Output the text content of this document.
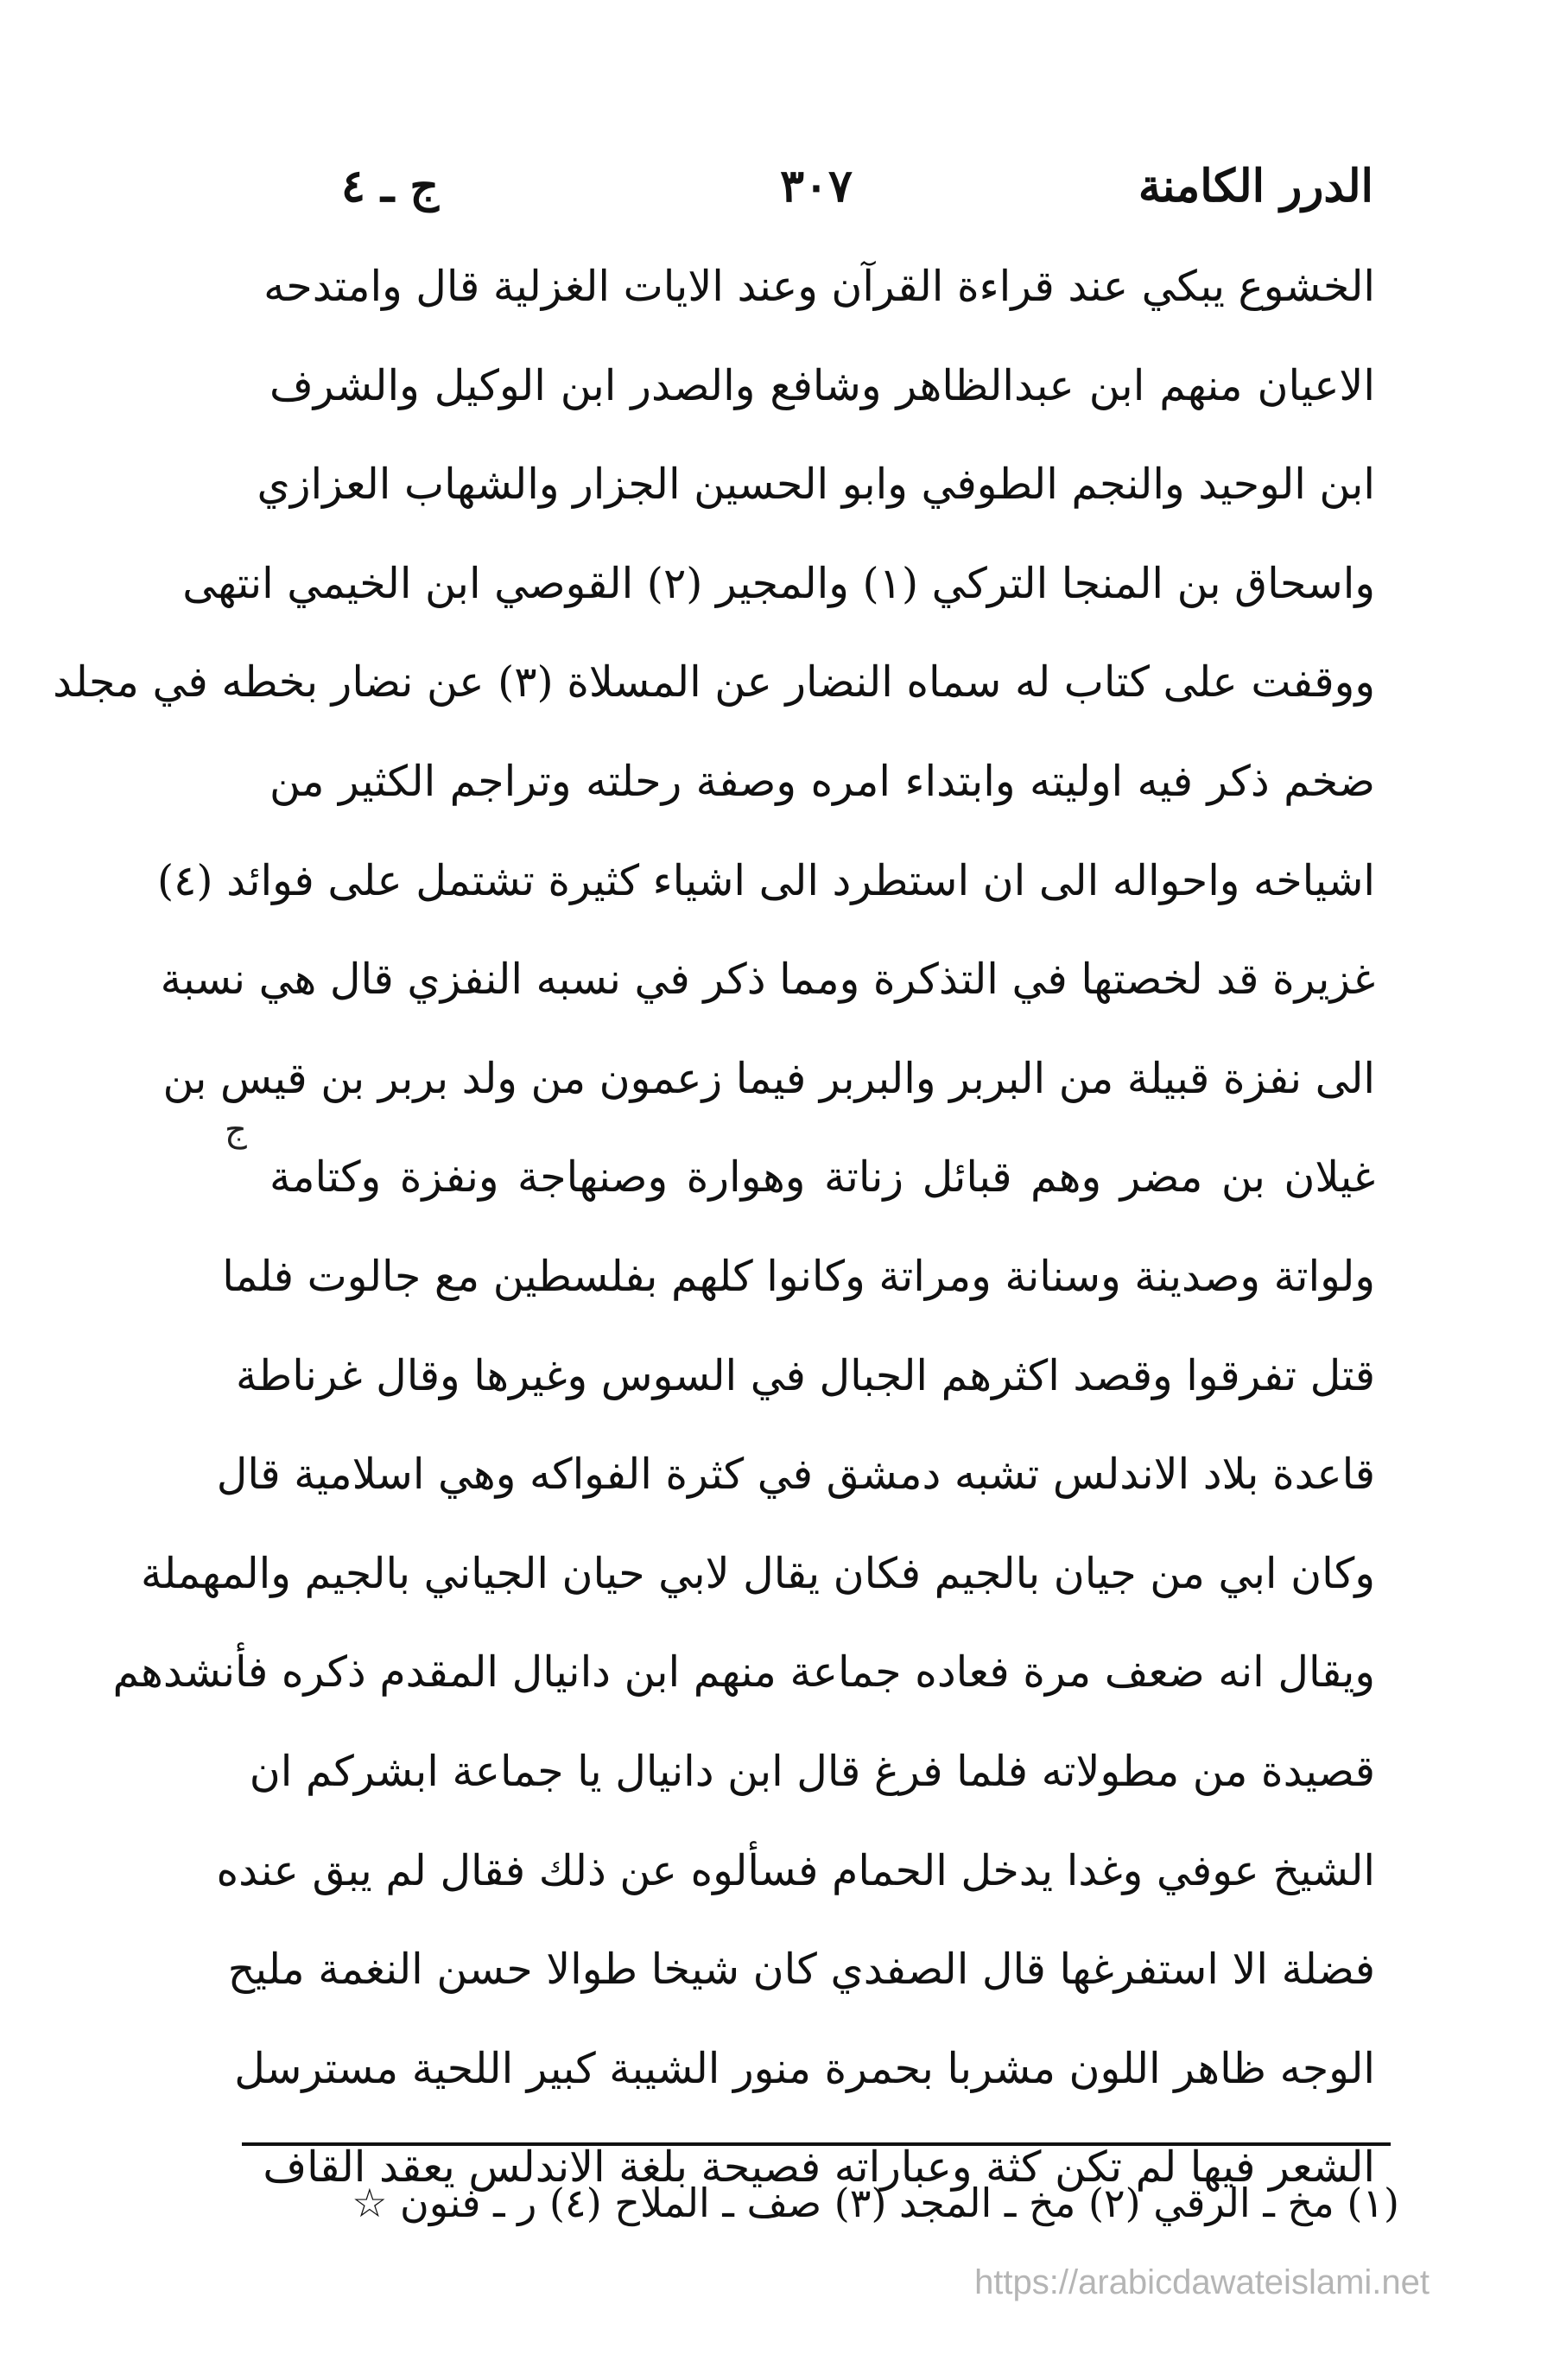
الدرر الكامنة
٣٠٧
ج ـ ٤
الخشوع يبكي عند قراءة القرآن وعند الايات الغزلية قال وامتدحه
الاعيان منهم ابن عبدالظاهر وشافع والصدر ابن الوكيل والشرف
ابن الوحيد والنجم الطوفي وابو الحسين الجزار والشهاب العزازي
واسحاق بن المنجا التركي (١) والمجير (٢) القوصي ابن الخيمي انتهى
ووقفت على كتاب له سماه النضار عن المسلاة (٣) عن نضار بخطه في مجلد
ضخم ذكر فيه اوليته وابتداء امره وصفة رحلته وتراجم الكثير من
اشياخه واحواله الى ان استطرد الى اشياء كثيرة تشتمل على فوائد (٤)
غزيرة قد لخصتها في التذكرة ومما ذكر في نسبه النفزي قال هي نسبة
الى نفزة قبيلة من البربر والبربر فيما زعمون من ولد بربر بن قيس بن
غيلان بن مضر وهم قبائل زناتة وهوارة وصنهاجة ونفزة وكتامة
ولواتة وصدينة وسنانة ومراتة وكانوا كلهم بفلسطين مع جالوت فلما
قتل تفرقوا وقصد اكثرهم الجبال في السوس وغيرها وقال غرناطة
قاعدة بلاد الاندلس تشبه دمشق في كثرة الفواكه وهي اسلامية قال
وكان ابي من جيان بالجيم فكان يقال لابي حيان الجياني بالجيم والمهملة
ويقال انه ضعف مرة فعاده جماعة منهم ابن دانيال المقدم ذكره فأنشدهم
قصيدة من مطولاته فلما فرغ قال ابن دانيال يا جماعة ابشركم ان
الشيخ عوفي وغدا يدخل الحمام فسألوه عن ذلك فقال لم يبق عنده
فضلة الا استفرغها قال الصفدي كان شيخا طوالا حسن النغمة مليح
الوجه ظاهر اللون مشربا بحمرة منور الشيبة كبير اللحية مسترسل
الشعر فيها لم تكن كثة وعباراته فصيحة بلغة الاندلس يعقد القاف
ج
(١) مخ ـ الرقي (٢) مخ ـ المجد (٣) صف ـ الملاح (٤) ر ـ فنون ☆
https://arabicdawateislami.net
